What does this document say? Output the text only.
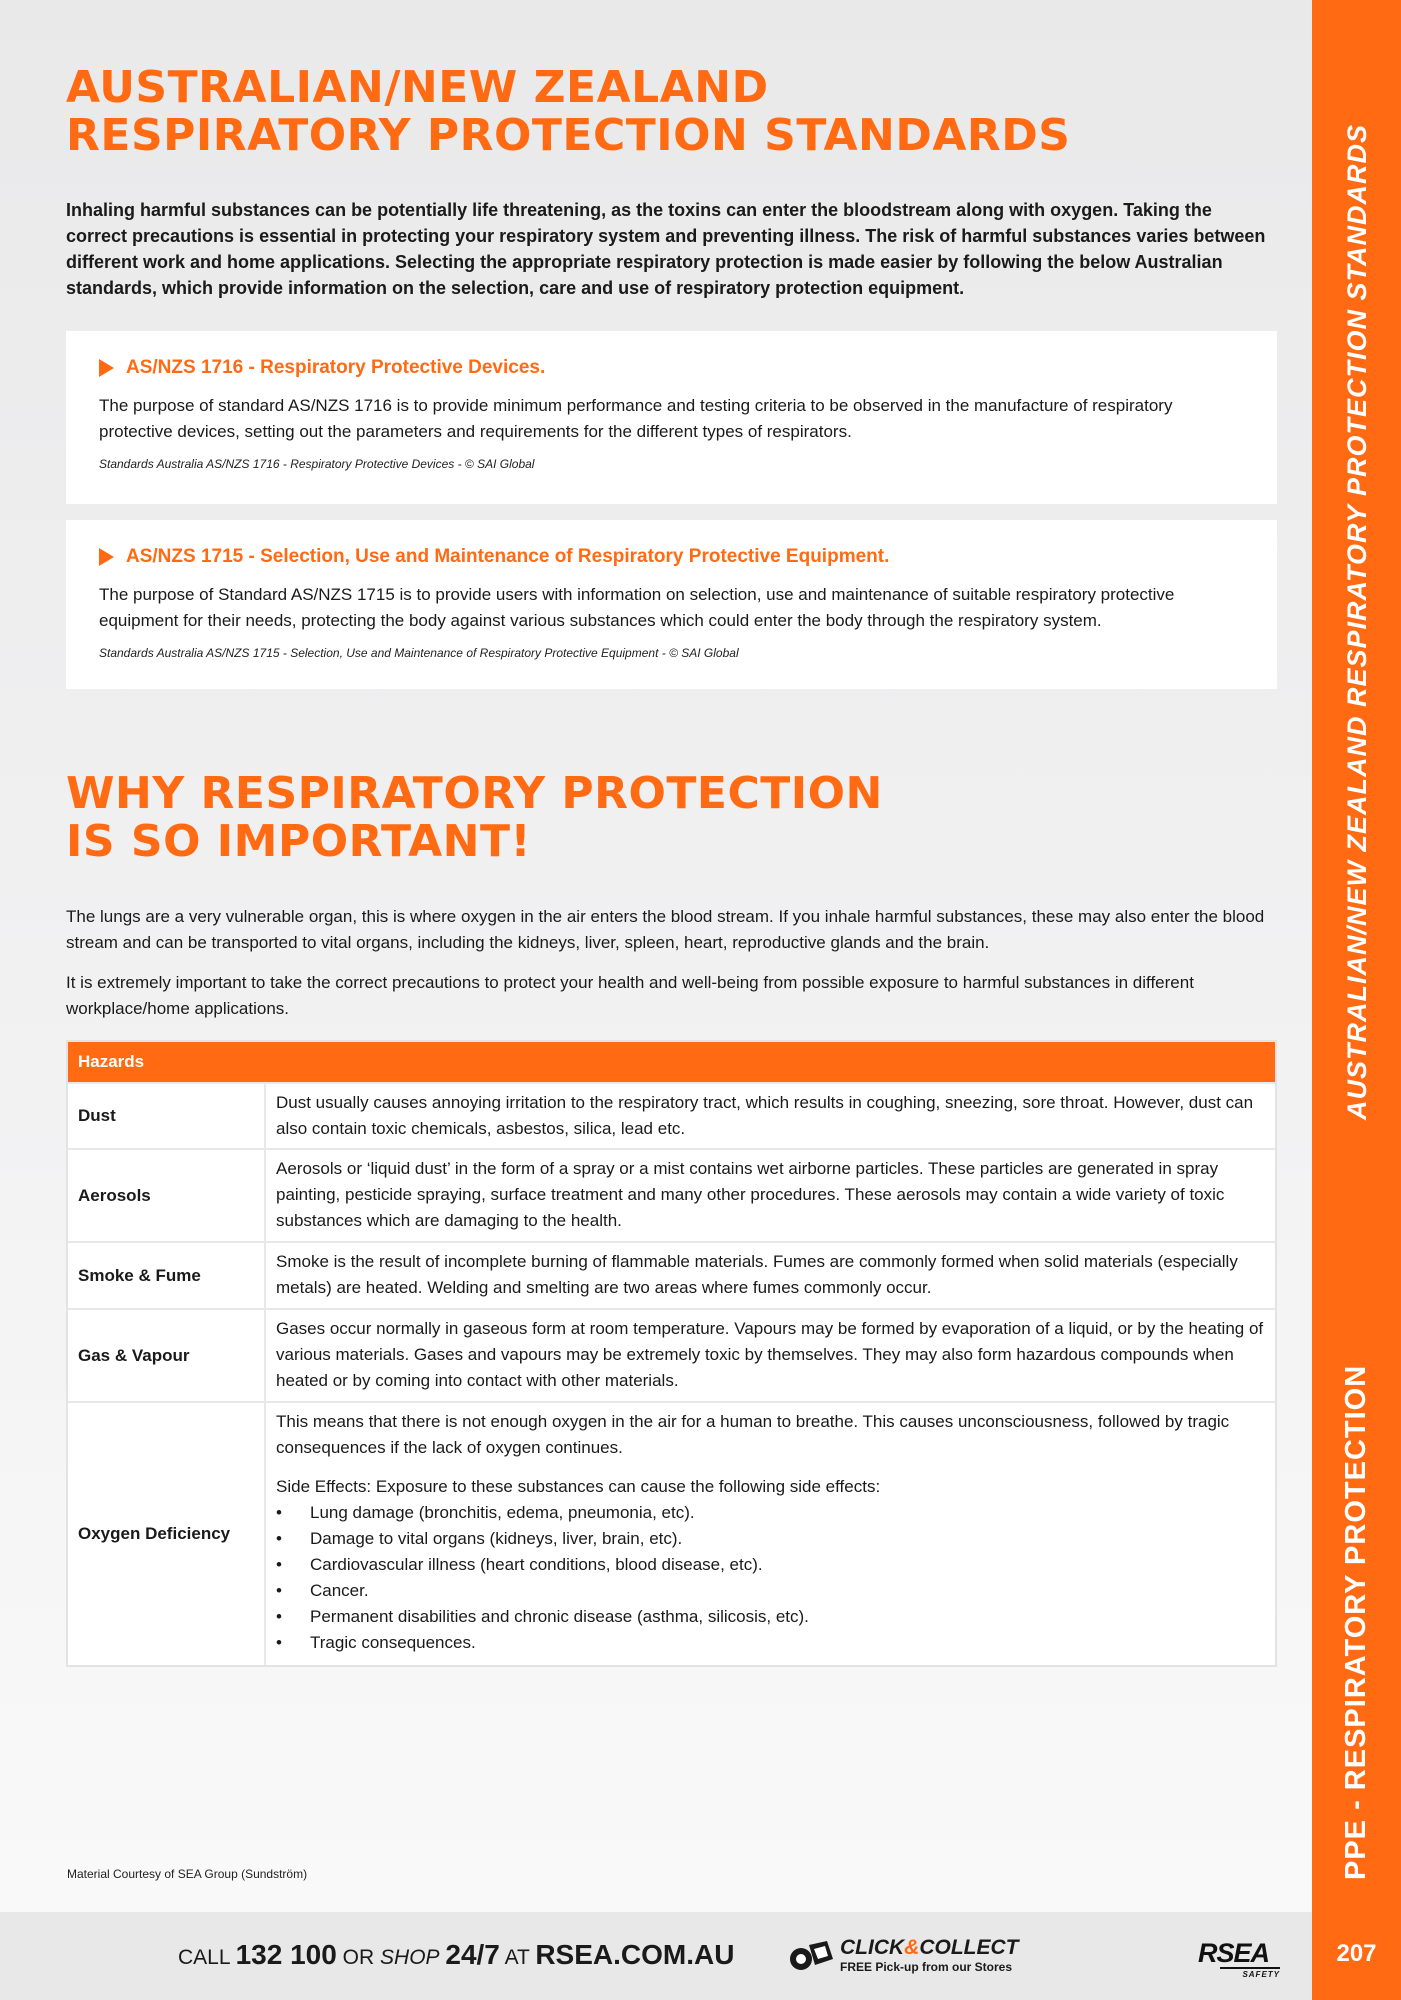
AUSTRALIAN/NEW ZEALAND
RESPIRATORY PROTECTION STANDARDS

Inhaling harmful substances can be potentially life threatening, as the toxins can enter the bloodstream along with oxygen. Taking the correct precautions is essential in protecting your respiratory system and preventing illness. The risk of harmful substances varies between different work and home applications. Selecting the appropriate respiratory protection is made easier by following the below Australian standards, which provide information on the selection, care and use of respiratory protection equipment.

AS/NZS 1716 - Respiratory Protective Devices.

The purpose of standard AS/NZS 1716 is to provide minimum performance and testing criteria to be observed in the manufacture of respiratory protective devices, setting out the parameters and requirements for the different types of respirators.

Standards Australia AS/NZS 1716 - Respiratory Protective Devices - © SAI Global

AS/NZS 1715 - Selection, Use and Maintenance of Respiratory Protective Equipment.

The purpose of Standard AS/NZS 1715 is to provide users with information on selection, use and maintenance of suitable respiratory protective equipment for their needs, protecting the body against various substances which could enter the body through the respiratory system.

Standards Australia AS/NZS 1715 - Selection, Use and Maintenance of Respiratory Protective Equipment - © SAI Global

WHY RESPIRATORY PROTECTION
IS SO IMPORTANT!

The lungs are a very vulnerable organ, this is where oxygen in the air enters the blood stream. If you inhale harmful substances, these may also enter the blood stream and can be transported to vital organs, including the kidneys, liver, spleen, heart, reproductive glands and the brain.

It is extremely important to take the correct precautions to protect your health and well-being from possible exposure to harmful substances in different workplace/home applications.

Hazards
Dust
Dust usually causes annoying irritation to the respiratory tract, which results in coughing, sneezing, sore throat. However, dust can also contain toxic chemicals, asbestos, silica, lead etc.
Aerosols
Aerosols or ‘liquid dust’ in the form of a spray or a mist contains wet airborne particles. These particles are generated in spray painting, pesticide spraying, surface treatment and many other procedures. These aerosols may contain a wide variety of toxic substances which are damaging to the health.
Smoke & Fume
Smoke is the result of incomplete burning of flammable materials. Fumes are commonly formed when solid materials (especially metals) are heated. Welding and smelting are two areas where fumes commonly occur.
Gas & Vapour
Gases occur normally in gaseous form at room temperature. Vapours may be formed by evaporation of a liquid, or by the heating of various materials. Gases and vapours may be extremely toxic by themselves. They may also form hazardous compounds when heated or by coming into contact with other materials.
Oxygen Deficiency

This means that there is not enough oxygen in the air for a human to breathe. This causes unconsciousness, followed by tragic consequences if the lack of oxygen continues.

Side Effects: Exposure to these substances can cause the following side effects:

• Lung damage (bronchitis, edema, pneumonia, etc).
• Damage to vital organs (kidneys, liver, brain, etc).
• Cardiovascular illness (heart conditions, blood disease, etc).
• Cancer.
• Permanent disabilities and chronic disease (asthma, silicosis, etc).
• Tragic consequences.

Material Courtesy of SEA Group (Sundström)

CALL 132 100 OR SHOP 24/7 AT RSEA.COM.AU	CLICK&COLLECT
FREE Pick-up from our Stores	RSEA
SAFETY
AUSTRALIAN/NEW ZEALAND RESPIRATORY PROTECTION STANDARDS
PPE - RESPIRATORY PROTECTION
207
